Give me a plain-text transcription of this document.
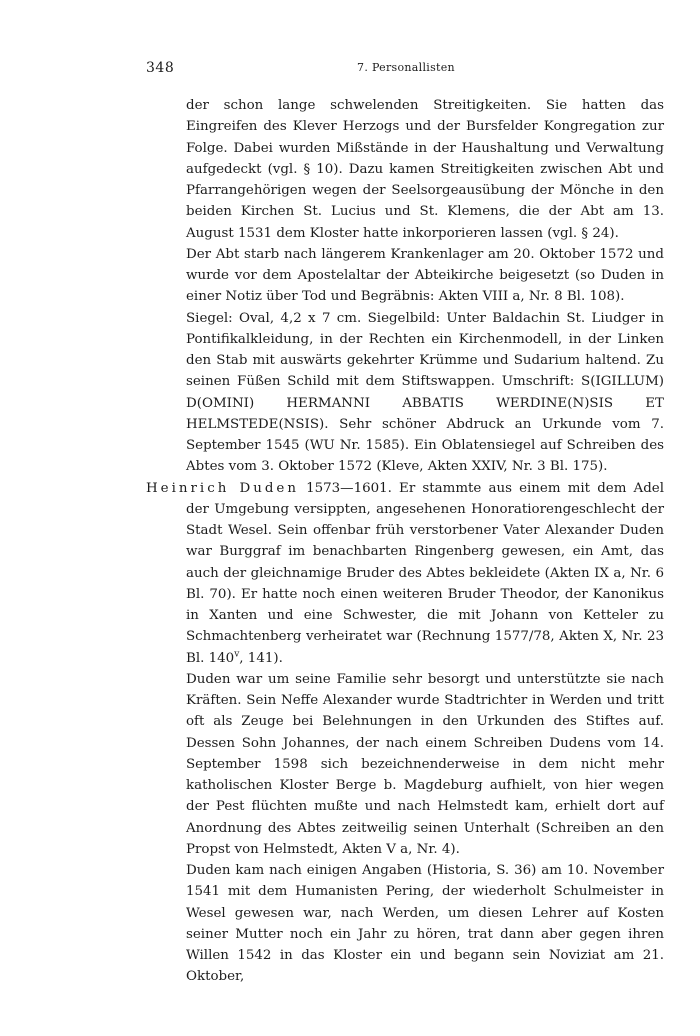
348	7. Personallisten

der schon lange schwelenden Streitigkeiten. Sie hatten das Eingreifen des Klever Herzogs und der Bursfelder Kongregation zur Folge. Dabei wurden Mißstände in der Haushaltung und Verwaltung aufgedeckt (vgl. § 10). Dazu kamen Streitigkeiten zwischen Abt und Pfarrangehörigen wegen der Seelsorgeausübung der Mönche in den beiden Kirchen St. Lucius und St. Klemens, die der Abt am 13. August 1531 dem Kloster hatte inkorporieren lassen (vgl. § 24).

Der Abt starb nach längerem Krankenlager am 20. Oktober 1572 und wurde vor dem Apostelaltar der Abteikirche beigesetzt (so Duden in einer Notiz über Tod und Begräbnis: Akten VIII a, Nr. 8 Bl. 108).

Siegel: Oval, 4,2 x 7 cm. Siegelbild: Unter Baldachin St. Liudger in Pontifikalkleidung, in der Rechten ein Kirchenmodell, in der Linken den Stab mit auswärts gekehrter Krümme und Sudarium haltend. Zu seinen Füßen Schild mit dem Stiftswappen. Umschrift: S(IGILLUM) D(OMINI) HERMANNI ABBATIS WERDINE(N)SIS ET HELMSTEDE(NSIS). Sehr schöner Abdruck an Urkunde vom 7. September 1545 (WU Nr. 1585). Ein Oblatensiegel auf Schreiben des Abtes vom 3. Oktober 1572 (Kleve, Akten XXIV, Nr. 3 Bl. 175).

Heinrich Duden 1573—1601. Er stammte aus einem mit dem Adel der Umgebung versippten, angesehenen Honoratiorengeschlecht der Stadt Wesel. Sein offenbar früh verstorbener Vater Alexander Duden war Burggraf im benachbarten Ringenberg gewesen, ein Amt, das auch der gleichnamige Bruder des Abtes bekleidete (Akten IX a, Nr. 6 Bl. 70). Er hatte noch einen weiteren Bruder Theodor, der Kanonikus in Xanten und eine Schwester, die mit Johann von Ketteler zu Schmachtenberg verheiratet war (Rechnung 1577/78, Akten X, Nr. 23 Bl. 140$^v$, 141).

Duden war um seine Familie sehr besorgt und unterstützte sie nach Kräften. Sein Neffe Alexander wurde Stadtrichter in Werden und tritt oft als Zeuge bei Belehnungen in den Urkunden des Stiftes auf. Dessen Sohn Johannes, der nach einem Schreiben Dudens vom 14. September 1598 sich bezeichnenderweise in dem nicht mehr katholischen Kloster Berge b. Magdeburg aufhielt, von hier wegen der Pest flüchten mußte und nach Helmstedt kam, erhielt dort auf Anordnung des Abtes zeitweilig seinen Unterhalt (Schreiben an den Propst von Helmstedt, Akten V a, Nr. 4).

Duden kam nach einigen Angaben (Historia, S. 36) am 10. November 1541 mit dem Humanisten Pering, der wiederholt Schulmeister in Wesel gewesen war, nach Werden, um diesen Lehrer auf Kosten seiner Mutter noch ein Jahr zu hören, trat dann aber gegen ihren Willen 1542 in das Kloster ein und begann sein Noviziat am 21. Oktober,
